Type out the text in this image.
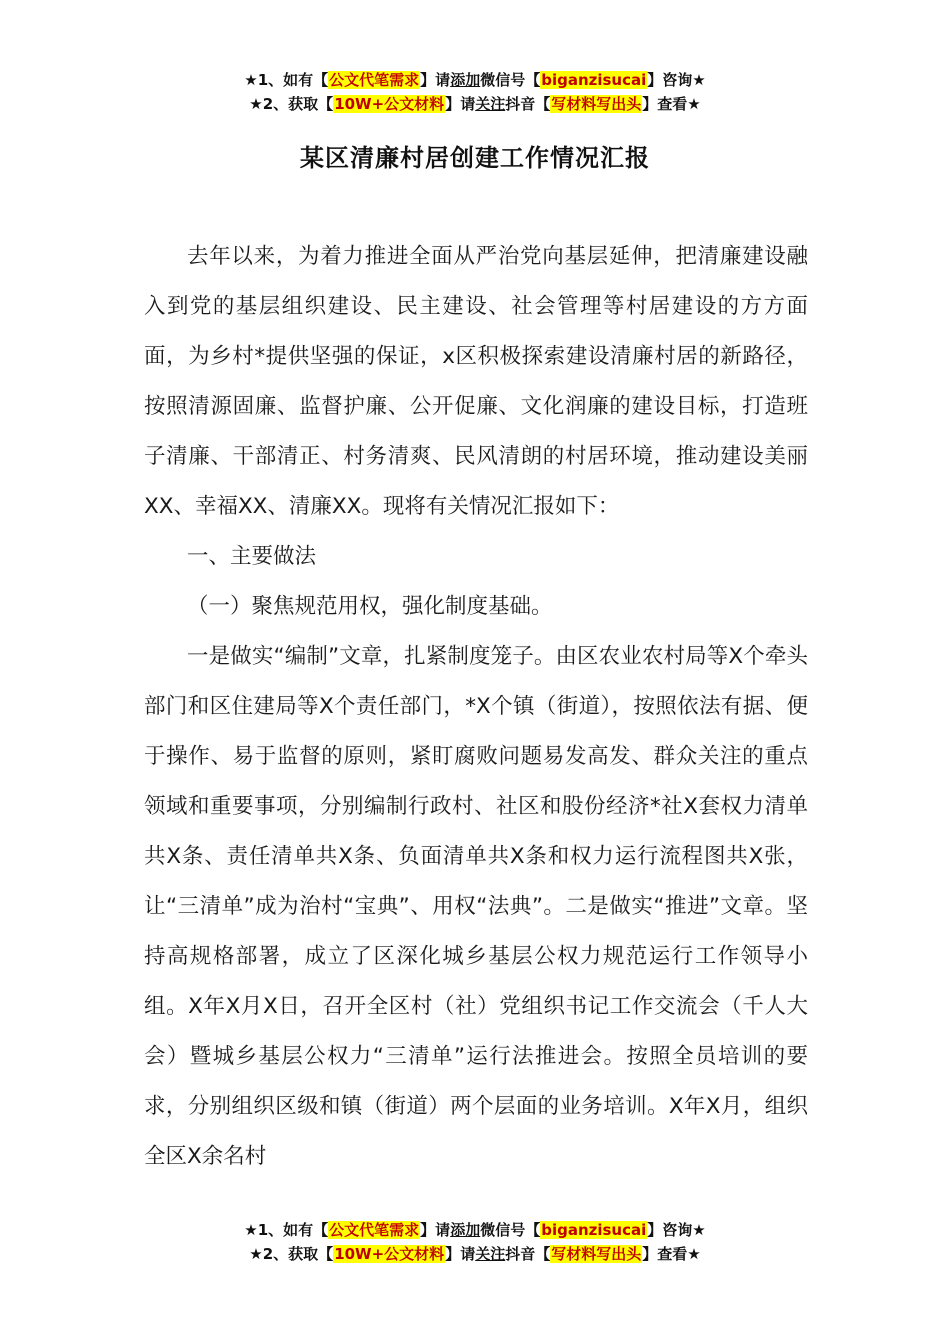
★1、如有【公文代笔需求】请添加微信号【biganzisucai】咨询★
★2、获取【10W+公文材料】请关注抖音【写材料写出头】查看★
某区清廉村居创建工作情况汇报

去年以来，为着力推进全面从严治党向基层延伸，把清廉建设融入到党的基层组织建设、民主建设、社会管理等村居建设的方方面面，为乡村*提供坚强的保证，x区积极探索建设清廉村居的新路径，按照清源固廉、监督护廉、公开促廉、文化润廉的建设目标，打造班子清廉、干部清正、村务清爽、民风清朗的村居环境，推动建设美丽XX、幸福XX、清廉XX。现将有关情况汇报如下：

一、主要做法

（一）聚焦规范用权，强化制度基础。

一是做实“编制”文章，扎紧制度笼子。由区农业农村局等X个牵头部门和区住建局等X个责任部门，*X个镇（街道），按照依法有据、便于操作、易于监督的原则，紧盯腐败问题易发高发、群众关注的重点领域和重要事项，分别编制行政村、社区和股份经济*社X套权力清单共X条、责任清单共X条、负面清单共X条和权力运行流程图共X张，让“三清单”成为治村“宝典”、用权“法典”。二是做实“推进”文章。坚持高规格部署，成立了区深化城乡基层公权力规范运行工作领导小组。X年X月X日，召开全区村（社）党组织书记工作交流会（千人大会）暨城乡基层公权力“三清单”运行法推进会。按照全员培训的要求，分别组织区级和镇（街道）两个层面的业务培训。X年X月，组织全区X余名村

★1、如有【公文代笔需求】请添加微信号【biganzisucai】咨询★
★2、获取【10W+公文材料】请关注抖音【写材料写出头】查看★
